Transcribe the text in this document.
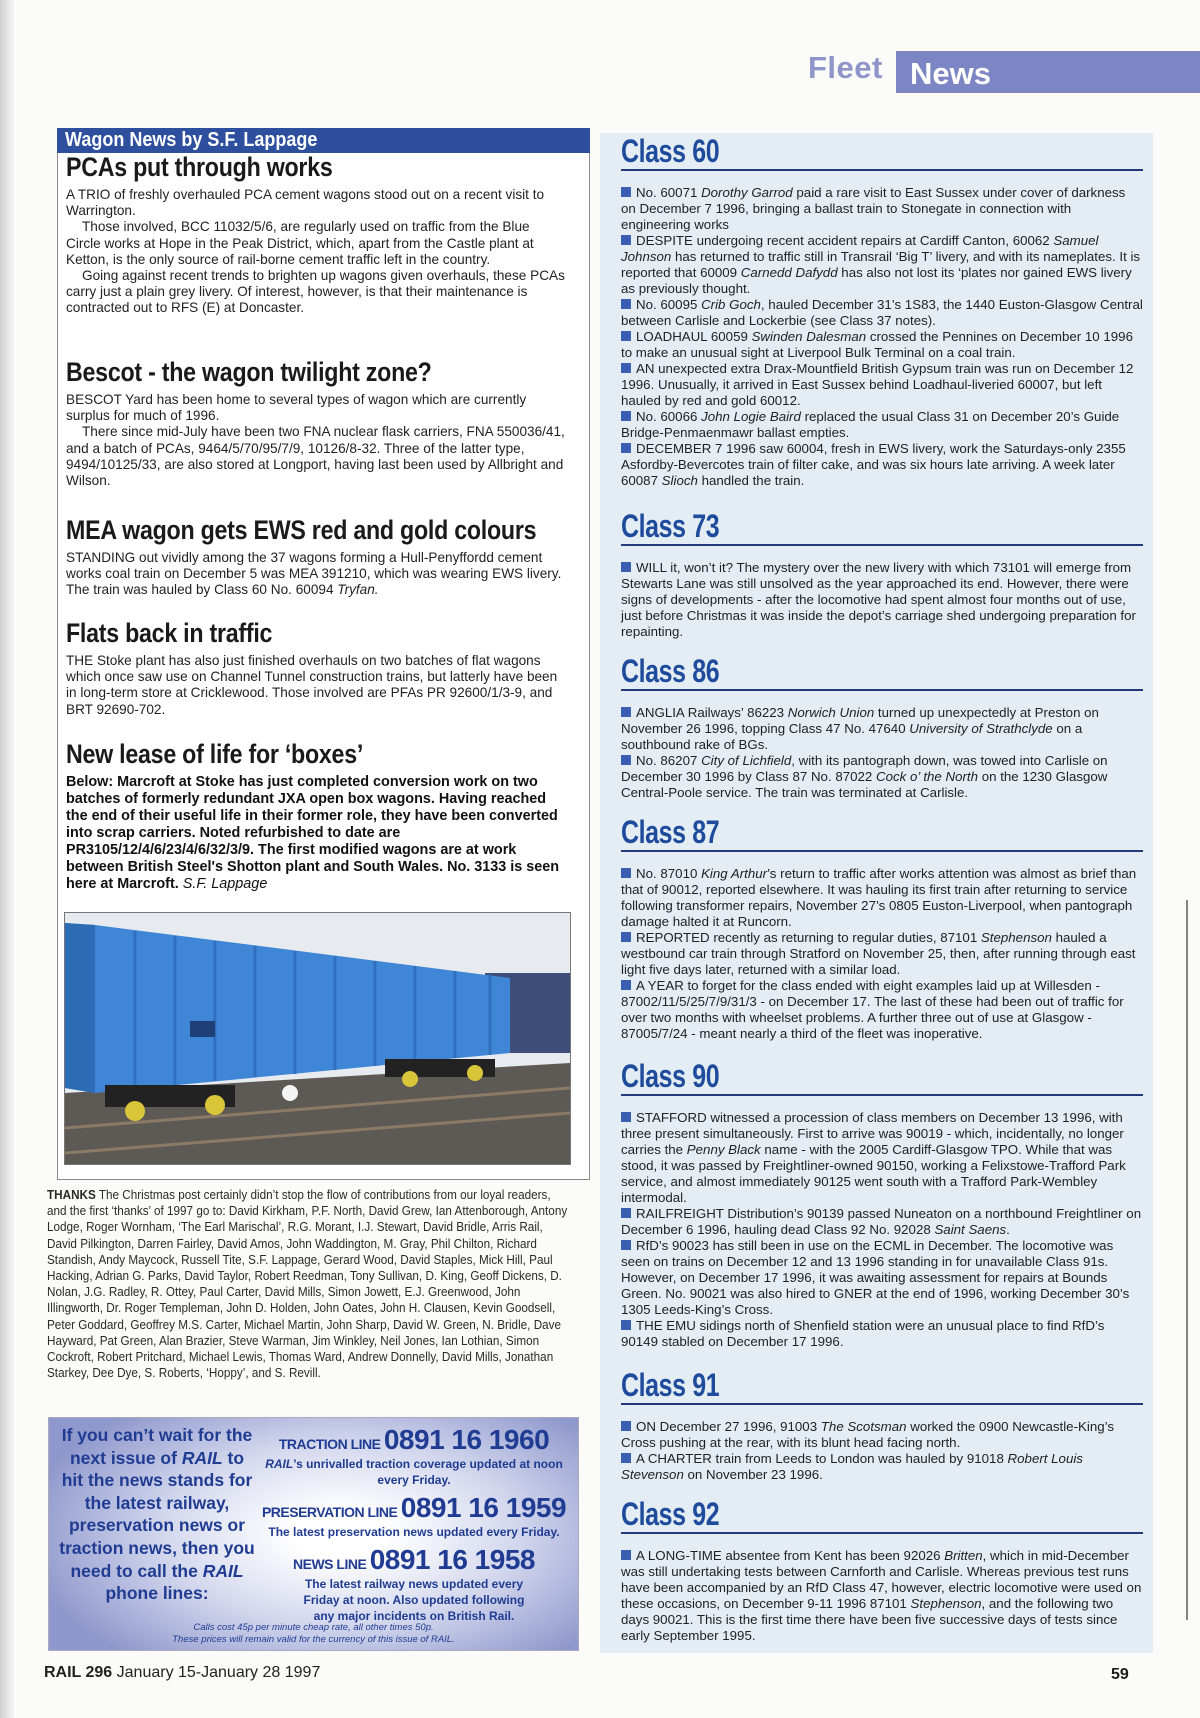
Fleet News
Wagon News by S.F. Lappage
PCAs put through works

A TRIO of freshly overhauled PCA cement wagons stood out on a recent visit to Warrington.

Those involved, BCC 11032/5/6, are regularly used on traffic from the Blue Circle works at Hope in the Peak District, which, apart from the Castle plant at Ketton, is the only source of rail-borne cement traffic left in the country.

Going against recent trends to brighten up wagons given overhauls, these PCAs carry just a plain grey livery. Of interest, however, is that their maintenance is contracted out to RFS (E) at Doncaster.

Bescot - the wagon twilight zone?

BESCOT Yard has been home to several types of wagon which are currently surplus for much of 1996.

There since mid-July have been two FNA nuclear flask carriers, FNA 550036/41, and a batch of PCAs, 9464/5/70/95/7/9, 10126/8-32. Three of the latter type, 9494/10125/33, are also stored at Longport, having last been used by Allbright and Wilson.

MEA wagon gets EWS red and gold colours

STANDING out vividly among the 37 wagons forming a Hull-Penyffordd cement works coal train on December 5 was MEA 391210, which was wearing EWS livery. The train was hauled by Class 60 No. 60094 Tryfan.

Flats back in traffic

THE Stoke plant has also just finished overhauls on two batches of flat wagons which once saw use on Channel Tunnel construction trains, but latterly have been in long-term store at Cricklewood. Those involved are PFAs PR 92600/1/3-9, and BRT 92690-702.

New lease of life for ‘boxes’

Below: Marcroft at Stoke has just completed conversion work on two batches of formerly redundant JXA open box wagons. Having reached the end of their useful life in their former role, they have been converted into scrap carriers. Noted refurbished to date are PR3105/12/4/6/23/4/6/32/3/9. The first modified wagons are at work between British Steel's Shotton plant and South Wales. No. 3133 is seen here at Marcroft. S.F. Lappage

THANKS The Christmas post certainly didn’t stop the flow of contributions from our loyal readers, and the first ‘thanks’ of 1997 go to: David Kirkham, P.F. North, David Grew, Ian Attenborough, Antony Lodge, Roger Wornham, ‘The Earl Marischal’, R.G. Morant, I.J. Stewart, David Bridle, Arris Rail, David Pilkington, Darren Fairley, David Amos, John Waddington, M. Gray, Phil Chilton, Richard Standish, Andy Maycock, Russell Tite, S.F. Lappage, Gerard Wood, David Staples, Mick Hill, Paul Hacking, Adrian G. Parks, David Taylor, Robert Reedman, Tony Sullivan, D. King, Geoff Dickens, D. Nolan, J.G. Radley, R. Ottey, Paul Carter, David Mills, Simon Jowett, E.J. Greenwood, John Illingworth, Dr. Roger Templeman, John D. Holden, John Oates, John H. Clausen, Kevin Goodsell, Peter Goddard, Geoffrey M.S. Carter, Michael Martin, John Sharp, David W. Green, N. Bridle, Dave Hayward, Pat Green, Alan Brazier, Steve Warman, Jim Winkley, Neil Jones, Ian Lothian, Simon Cockroft, Robert Pritchard, Michael Lewis, Thomas Ward, Andrew Donnelly, David Mills, Jonathan Starkey, Dee Dye, S. Roberts, ‘Hoppy’, and S. Revill.
If you can’t wait for the next issue of RAIL to hit the news stands for the latest railway, preservation news or traction news, then you need to call the RAIL phone lines:
TRACTION LINE 0891 16 1960
RAIL’s unrivalled traction coverage updated at noon every Friday.
PRESERVATION LINE 0891 16 1959
The latest preservation news updated every Friday.
NEWS LINE 0891 16 1958
The latest railway news updated every Friday at noon. Also updated following any major incidents on British Rail.
Calls cost 45p per minute cheap rate, all other times 50p.
These prices will remain valid for the currency of this issue of RAIL.
Class 60

No. 60071 Dorothy Garrod paid a rare visit to East Sussex under cover of darkness on December 7 1996, bringing a ballast train to Stonegate in connection with engineering works

DESPITE undergoing recent accident repairs at Cardiff Canton, 60062 Samuel Johnson has returned to traffic still in Transrail ‘Big T’ livery, and with its nameplates. It is reported that 60009 Carnedd Dafydd has also not lost its ‘plates nor gained EWS livery as previously thought.

No. 60095 Crib Goch, hauled December 31’s 1S83, the 1440 Euston-Glasgow Central between Carlisle and Lockerbie (see Class 37 notes).

LOADHAUL 60059 Swinden Dalesman crossed the Pennines on December 10 1996 to make an unusual sight at Liverpool Bulk Terminal on a coal train.

AN unexpected extra Drax-Mountfield British Gypsum train was run on December 12 1996. Unusually, it arrived in East Sussex behind Loadhaul-liveried 60007, but left hauled by red and gold 60012.

No. 60066 John Logie Baird replaced the usual Class 31 on December 20’s Guide Bridge-Penmaenmawr ballast empties.

DECEMBER 7 1996 saw 60004, fresh in EWS livery, work the Saturdays-only 2355 Asfordby-Bevercotes train of filter cake, and was six hours late arriving. A week later 60087 Slioch handled the train.

Class 73

WILL it, won’t it? The mystery over the new livery with which 73101 will emerge from Stewarts Lane was still unsolved as the year approached its end. However, there were signs of developments - after the locomotive had spent almost four months out of use, just before Christmas it was inside the depot’s carriage shed undergoing preparation for repainting.

Class 86

ANGLIA Railways’ 86223 Norwich Union turned up unexpectedly at Preston on November 26 1996, topping Class 47 No. 47640 University of Strathclyde on a southbound rake of BGs.

No. 86207 City of Lichfield, with its pantograph down, was towed into Carlisle on December 30 1996 by Class 87 No. 87022 Cock o’ the North on the 1230 Glasgow Central-Poole service. The train was terminated at Carlisle.

Class 87

No. 87010 King Arthur’s return to traffic after works attention was almost as brief than that of 90012, reported elsewhere. It was hauling its first train after returning to service following transformer repairs, November 27’s 0805 Euston-Liverpool, when pantograph damage halted it at Runcorn.

REPORTED recently as returning to regular duties, 87101 Stephenson hauled a westbound car train through Stratford on November 25, then, after running through east light five days later, returned with a similar load.

A YEAR to forget for the class ended with eight examples laid up at Willesden - 87002/11/5/25/7/9/31/3 - on December 17. The last of these had been out of traffic for over two months with wheelset problems. A further three out of use at Glasgow - 87005/7/24 - meant nearly a third of the fleet was inoperative.

Class 90

STAFFORD witnessed a procession of class members on December 13 1996, with three present simultaneously. First to arrive was 90019 - which, incidentally, no longer carries the Penny Black name - with the 2005 Cardiff-Glasgow TPO. While that was stood, it was passed by Freightliner-owned 90150, working a Felixstowe-Trafford Park service, and almost immediately 90125 went south with a Trafford Park-Wembley intermodal.

RAILFREIGHT Distribution’s 90139 passed Nuneaton on a northbound Freightliner on December 6 1996, hauling dead Class 92 No. 92028 Saint Saens.

RfD’s 90023 has still been in use on the ECML in December. The locomotive was seen on trains on December 12 and 13 1996 standing in for unavailable Class 91s. However, on December 17 1996, it was awaiting assessment for repairs at Bounds Green. No. 90021 was also hired to GNER at the end of 1996, working December 30’s 1305 Leeds-King’s Cross.

THE EMU sidings north of Shenfield station were an unusual place to find RfD’s 90149 stabled on December 17 1996.

Class 91

ON December 27 1996, 91003 The Scotsman worked the 0900 Newcastle-King’s Cross pushing at the rear, with its blunt head facing north.

A CHARTER train from Leeds to London was hauled by 91018 Robert Louis Stevenson on November 23 1996.

Class 92

A LONG-TIME absentee from Kent has been 92026 Britten, which in mid-December was still undertaking tests between Carnforth and Carlisle. Whereas previous test runs have been accompanied by an RfD Class 47, however, electric locomotive were used on these occasions, on December 9-11 1996 87101 Stephenson, and the following two days 90021. This is the first time there have been five successive days of tests since early September 1995.

RAIL 296 January 15-January 28 1997	59
